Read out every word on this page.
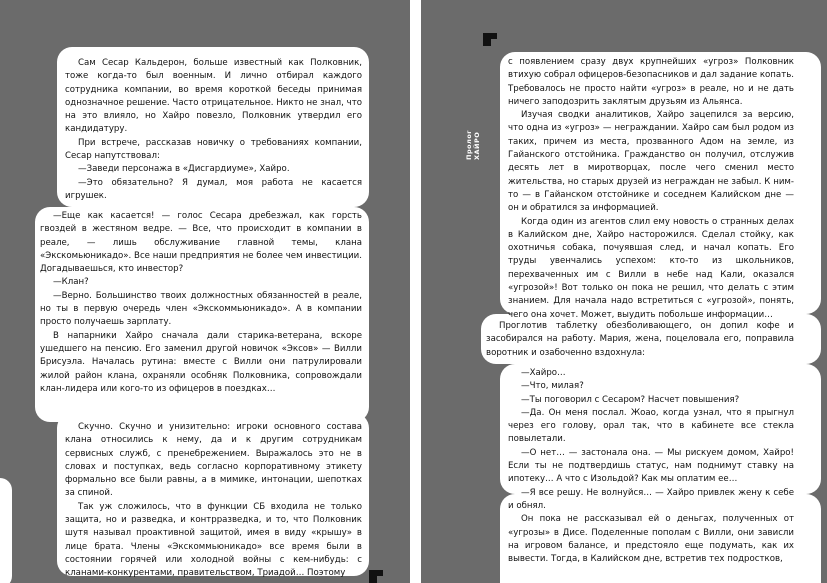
Сам Сесар Кальдерон, больше известный как Полковник, тоже когда-то был военным. И лично отбирал каждого сотрудника компании, во время короткой беседы принимая однозначное решение. Часто отрицательное. Никто не знал, что на это влияло, но Хайро повезло, Полковник утвердил его кандидатуру.

При встрече, рассказав новичку о требованиях компании, Сесар напутствовал:

—Заведи персонажа в «Дисгардиуме», Хайро.

—Это обязательно? Я думал, моя работа не касается игрушек.

—Еще как касается! — голос Сесара дребезжал, как горсть гвоздей в жестяном ведре. — Все, что происходит в компании в реале, — лишь обслуживание главной темы, клана «Экскомьюникадо». Все наши предприятия не более чем инвестиции. Догадываешься, кто инвестор?

—Клан?

—Верно. Большинство твоих должностных обязанностей в реале, но ты в первую очередь член «Экскоммьюникадо». А в компании просто получаешь зарплату.

В напарники Хайро сначала дали старика-ветерана, вскоре ушедшего на пенсию. Его заменил другой новичок «Эксов» — Вилли Брисуэла. Началась рутина: вместе с Вилли они патрулировали жилой район клана, охраняли особняк Полковника, сопровождали клан-лидера или кого-то из офицеров в поездках…

Скучно. Скучно и унизительно: игроки основного состава клана относились к нему, да и к другим сотрудникам сервисных служб, с пренебрежением. Выражалось это не в словах и поступках, ведь согласно корпоративному этикету формально все были равны, а в мимике, интонации, шепотках за спиной.

Так уж сложилось, что в функции СБ входила не только защита, но и разведка, и контрразведка, и то, что Полковник шутя называл проактивной защитой, имея в виду «крышу» в лице брата. Члены «Экскоммьюникадо» все время были в состоянии горячей или холодной войны с кем-нибудь: с кланами-конкурентами, правительством, Триадой… Поэтому

Пролог ХАЙРО

с появлением сразу двух крупнейших «угроз» Полковник втихую собрал офицеров-безопасников и дал задание копать. Требовалось не просто найти «угроз» в реале, но и не дать ничего заподозрить заклятым друзьям из Альянса.

Изучая сводки аналитиков, Хайро зацепился за версию, что одна из «угроз» — неграждании. Хайро сам был родом из таких, причем из места, прозванного Адом на земле, из Гайанского отстойника. Гражданство он получил, отслужив десять лет в миротворцах, после чего сменил место жительства, но старых друзей из неграждан не забыл. К ним-то — в Гайанском отстойнике и соседнем Калийском дне — он и обратился за информацией.

Когда один из агентов слил ему новость о странных делах в Калийском дне, Хайро насторожился. Сделал стойку, как охотничья собака, почуявшая след, и начал копать. Его труды увенчались успехом: кто-то из школьников, перехваченных им с Вилли в небе над Кали, оказался «угрозой»! Вот только он пока не решил, что делать с этим знанием. Для начала надо встретиться с «угрозой», понять, чего она хочет. Может, выудить побольше информации…

Проглотив таблетку обезболивающего, он допил кофе и засобирался на работу. Мария, жена, поцеловала его, поправила воротник и озабоченно вздохнула:

—Хайро…

—Что, милая?

—Ты поговорил с Сесаром? Насчет повышения?

—Да. Он меня послал. Жоао, когда узнал, что я прыгнул через его голову, орал так, что в кабинете все стекла повылетали.

—О нет… — застонала она. — Мы рискуем домом, Хайро! Если ты не подтвердишь статус, нам поднимут ставку на ипотеку… А что с Изольдой? Как мы оплатим ее…

—Я все решу. Не волнуйся… — Хайро привлек жену к себе и обнял.

Он пока не рассказывал ей о деньгах, полученных от «угрозы» в Дисе. Поделенные пополам с Вилли, они зависли на игровом балансе, и предстояло еще подумать, как их вывести. Тогда, в Калийском дне, встретив тех подростков,
